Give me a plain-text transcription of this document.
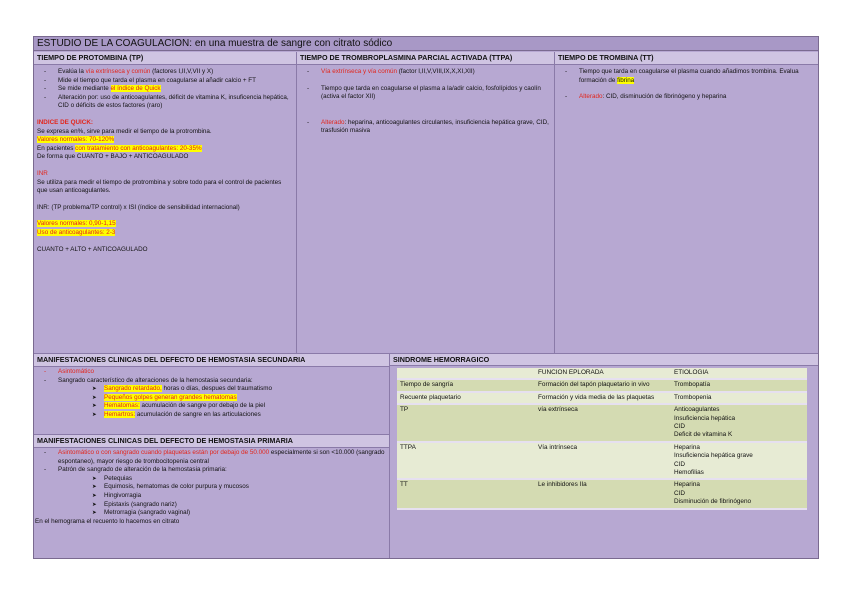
ESTUDIO DE LA COAGULACION: en una muestra de sangre con citrato sódico
TIEMPO DE PROTOMBINA (TP)
- Evalúa la vía extrínseca y común (factores I,II,V,VII y X)
- Mide el tiempo que tarda el plasma en coagularse al añadir calcio + FT
- Se mide mediante el índice de Quick
- Alteración por: uso de anticoagulantes, déficit de vitamina K, insuficencia hepática, CID o déficits de estos factores (raro)

INDICE DE QUICK:

Se expresa en%, sirve para medir el tiempo de la protrombina.

Valores normales: 70-120%

En pacientes con tratamiento con anticoagulantes: 20-35%

De forma que CUANTO + BAJO + ANTICOAGULADO

INR

Se utiliza para medir el tiempo de protrombina y sobre todo para el control de pacientes que usan anticoagulantes.

INR: (TP problema/TP control) x ISI (índice de sensibilidad internacional)

Valores normales: 0,90-1,15

Uso de anticoagulantes: 2-3

CUANTO + ALTO + ANTICOAGULADO

TIEMPO DE TROMBROPLASMINA PARCIAL ACTIVADA (TTPA)
- Vía extrínseca y vía común (factor I,II,V,VIII,IX,X,XI,XII)
- Tiempo que tarda en coagularse el plasma a la/adir calcio, fosfolípidos y caolín (activa el factor XII)
- Alterado: heparina, anticoagulantes circulantes, insuficiencia hepática grave, CID, trasfusión masiva
TIEMPO DE TROMBINA (TT)
- Tiempo que tarda en coagularse el plasma cuando añadimos trombina. Evalua formación de fibrina
- Alterado: CID, disminución de fibrinógeno y heparina
MANIFESTACIONES CLINICAS DEL DEFECTO DE HEMOSTASIA SECUNDARIA
- Asintomático
- Sangrado característico de alteraciones de la hemostasia secundaria:
➤ Sangrado retardado, horas o días, despues del traumatismo
➤ Pequeños golpes generan grandes hematomas
➤ Hematomas: acumulación de sangre por debajo de la piel
➤ Hemartros: acumulación de sangre en las articulaciones
MANIFESTACIONES CLINICAS DEL DEFECTO DE HEMOSTASIA PRIMARIA
- Asintomático o con sangrado cuando plaquetas están por debajo de 50.000 especialmente si son <10.000 (sangrado espontaneo), mayor riesgo de trombocitopenia central
- Patrón de sangrado de alteración de la hemostasia primaria:
➤ Petequias
➤ Equimosis, hematomas de color purpura y mucosos
➤ Hingivorragia
➤ Epistaxis (sangrado nariz)
➤ Metrorragia (sangrado vaginal)

En el hemograma el recuento lo hacemos en citrato

SINDROME HEMORRAGICO
	FUNCION EPLORADA	ETIOLOGIA
Tiempo de sangría	Formación del tapón plaquetario in vivo	Trombopatía

Recuente plaquetario	Formación y vida media de las plaquetas	Trombopenia

TP	vía extrínseca	Anticoagulantes
Insuficiencia hepática
CID
Deficit de vitamina K

TTPA	Vía intrínseca	Heparina
Insuficiencia hepática grave
CID
Hemofilias

TT	Le inhibidores IIa	Heparina
CID
Disminución de fibrinógeno
